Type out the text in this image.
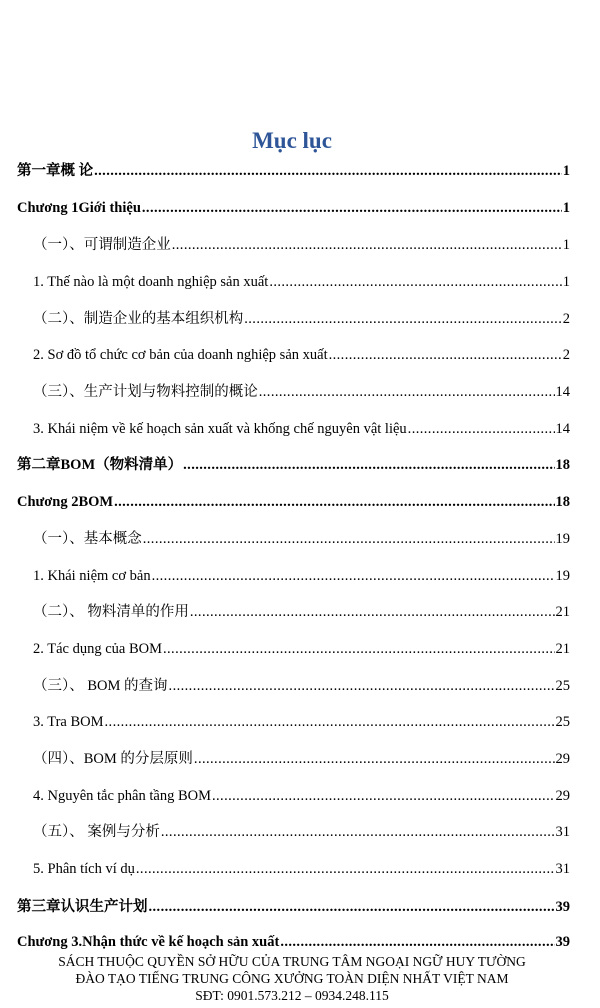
Mục lục
第一章 概 论 .....	1
Chương 1 Giới thiệu .....	1
（一）、可谓制造企业 .....	1
1. Thế nào là một doanh nghiệp sản xuất .....	1
（二）、制造企业的基本组织机构 .....	2
2. Sơ đồ tổ chức cơ bản của doanh nghiệp sản xuất .....	2
（三）、生产计划与物料控制的概论 .....	14
3. Khái niệm về kế hoạch sản xuất và khống chế nguyên vật liệu .....	14
第二章 BOM（物料清单） .....	18
Chương 2 BOM .....	18
（一）、基本概念 .....	19
1. Khái niệm cơ bản .....	19
（二）、 物料清单的作用 .....	21
2. Tác dụng của BOM .....	21
（三）、 BOM 的查询 .....	25
3. Tra BOM .....	25
（四）、BOM 的分层原则 .....	29
4. Nguyên tắc phân tầng BOM .....	29
（五）、 案例与分析 .....	31
5. Phân tích ví dụ .....	31
第三章 认识生产计划 .....	39
Chương 3. Nhận thức về kế hoạch sản xuất .....	39
SÁCH THUỘC QUYỀN SỞ HỮU CỦA TRUNG TÂM NGOẠI NGỮ HUY TƯỜNG
ĐÀO TẠO TIẾNG TRUNG CÔNG XƯỞNG TOÀN DIỆN NHẤT VIỆT NAM
SĐT: 0901.573.212 – 0934.248.115
